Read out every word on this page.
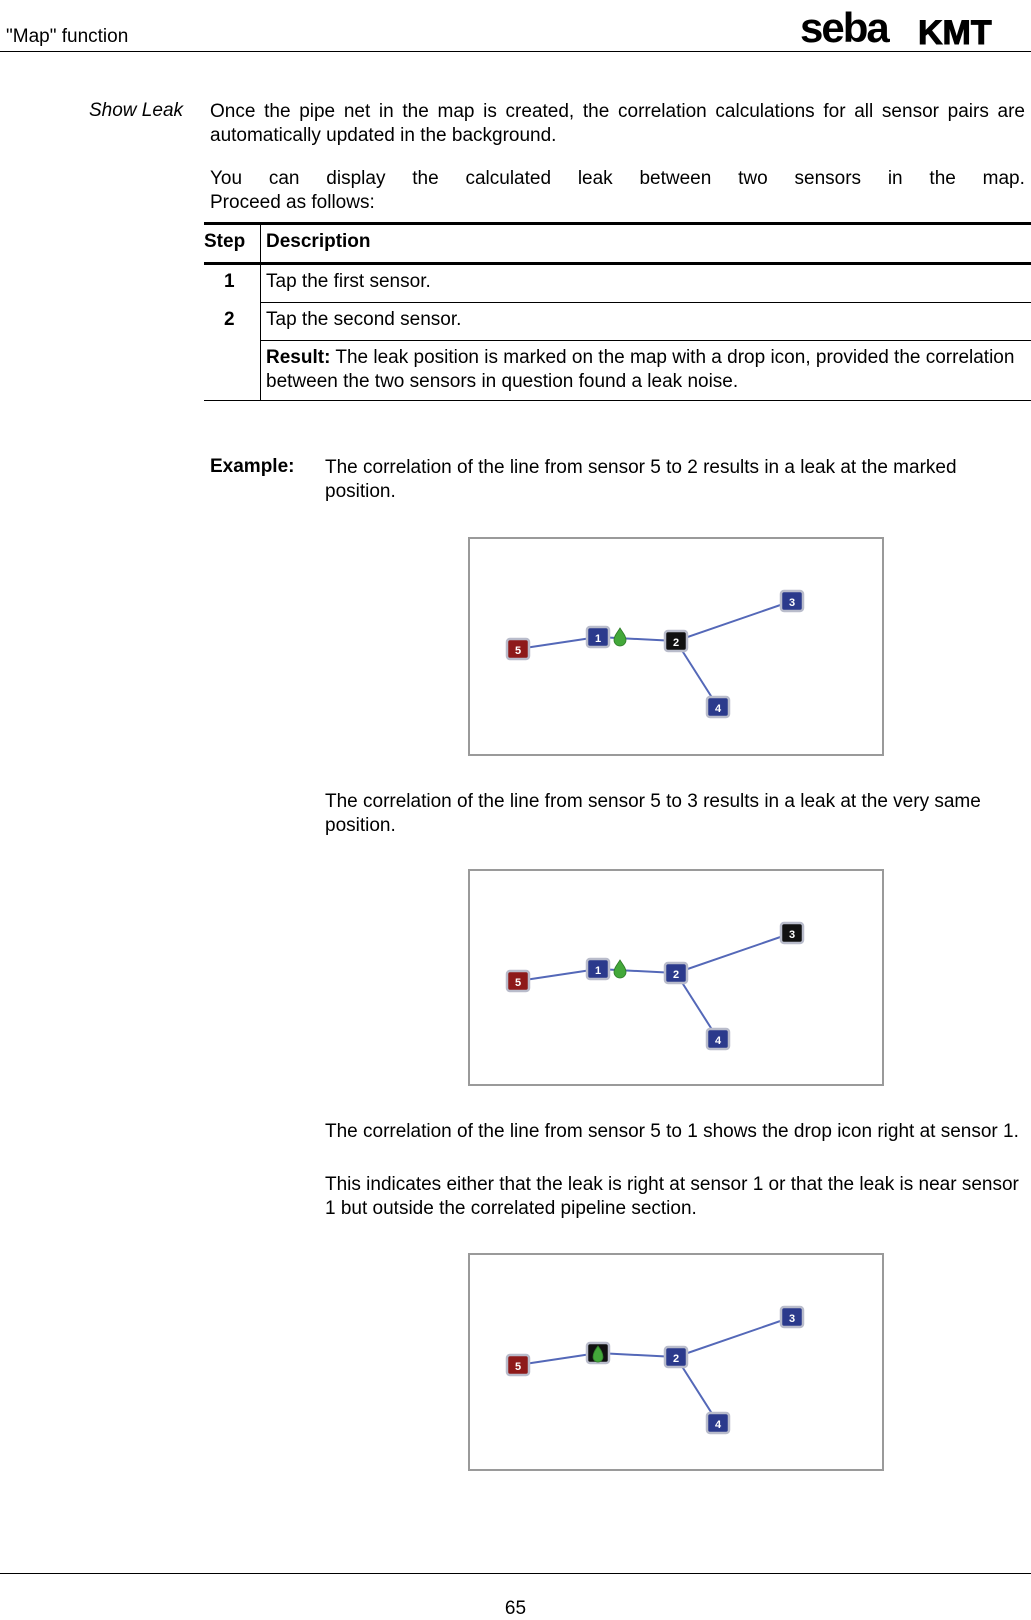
"Map" function	seba KMT
Show Leak Once the pipe net in the map is created, the correlation calculations for all sensor pairs are automatically updated in the background.
You can display the calculated leak between two sensors in the map.
Proceed as follows:
Step Description
1 Tap the first sensor.
2 Tap the second sensor.
Result: The leak position is marked on the map with a drop icon, provided the correlation between the two sensors in question found a leak noise.
Example: The correlation of the line from sensor 5 to 2 results in a leak at the marked position.
5
1	2
3
4
The correlation of the line from sensor 5 to 3 results in a leak at the very same position.
5
1	2
3
4
The correlation of the line from sensor 5 to 1 shows the drop icon right at sensor 1.
This indicates either that the leak is right at sensor 1 or that the leak is near sensor 1 but outside the correlated pipeline section.
5
2
3
4
65
